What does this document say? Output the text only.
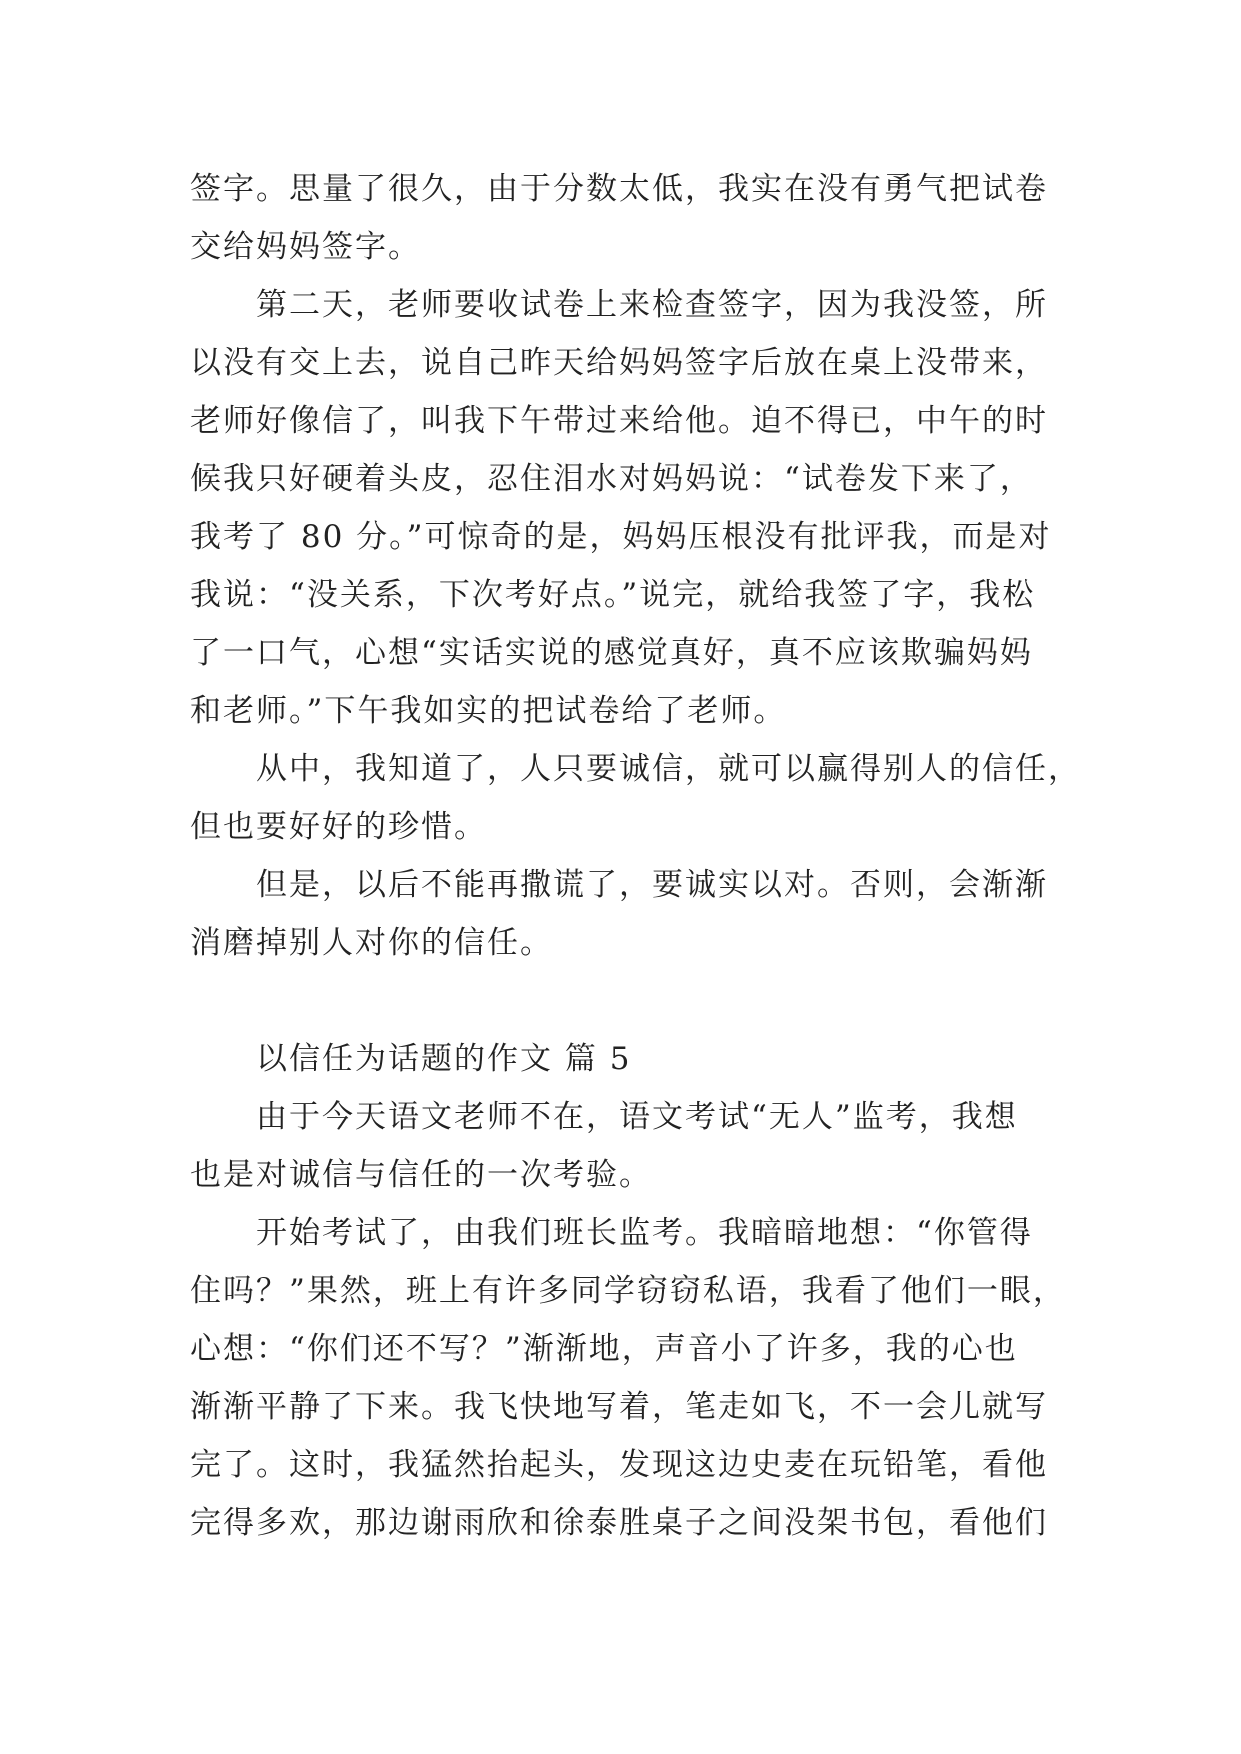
签字。思量了很久，由于分数太低，我实在没有勇气把试卷
交给妈妈签字。
第二天，老师要收试卷上来检查签字，因为我没签，所
以没有交上去，说自己昨天给妈妈签字后放在桌上没带来，
老师好像信了，叫我下午带过来给他。迫不得已，中午的时
候我只好硬着头皮，忍住泪水对妈妈说：“试卷发下来了，
我考了 80 分。”可惊奇的是，妈妈压根没有批评我，而是对
我说：“没关系，下次考好点。”说完，就给我签了字，我松
了一口气，心想“实话实说的感觉真好，真不应该欺骗妈妈
和老师。”下午我如实的把试卷给了老师。
从中，我知道了，人只要诚信，就可以赢得别人的信任，
但也要好好的珍惜。
但是，以后不能再撒谎了，要诚实以对。否则，会渐渐
消磨掉别人对你的信任。
以信任为话题的作文 篇 5
由于今天语文老师不在，语文考试“无人”监考，我想
也是对诚信与信任的一次考验。
开始考试了，由我们班长监考。我暗暗地想：“你管得
住吗？”果然，班上有许多同学窃窃私语，我看了他们一眼，
心想：“你们还不写？”渐渐地，声音小了许多，我的心也
渐渐平静了下来。我飞快地写着，笔走如飞，不一会儿就写
完了。这时，我猛然抬起头，发现这边史麦在玩铅笔，看他
完得多欢，那边谢雨欣和徐泰胜桌子之间没架书包，看他们
